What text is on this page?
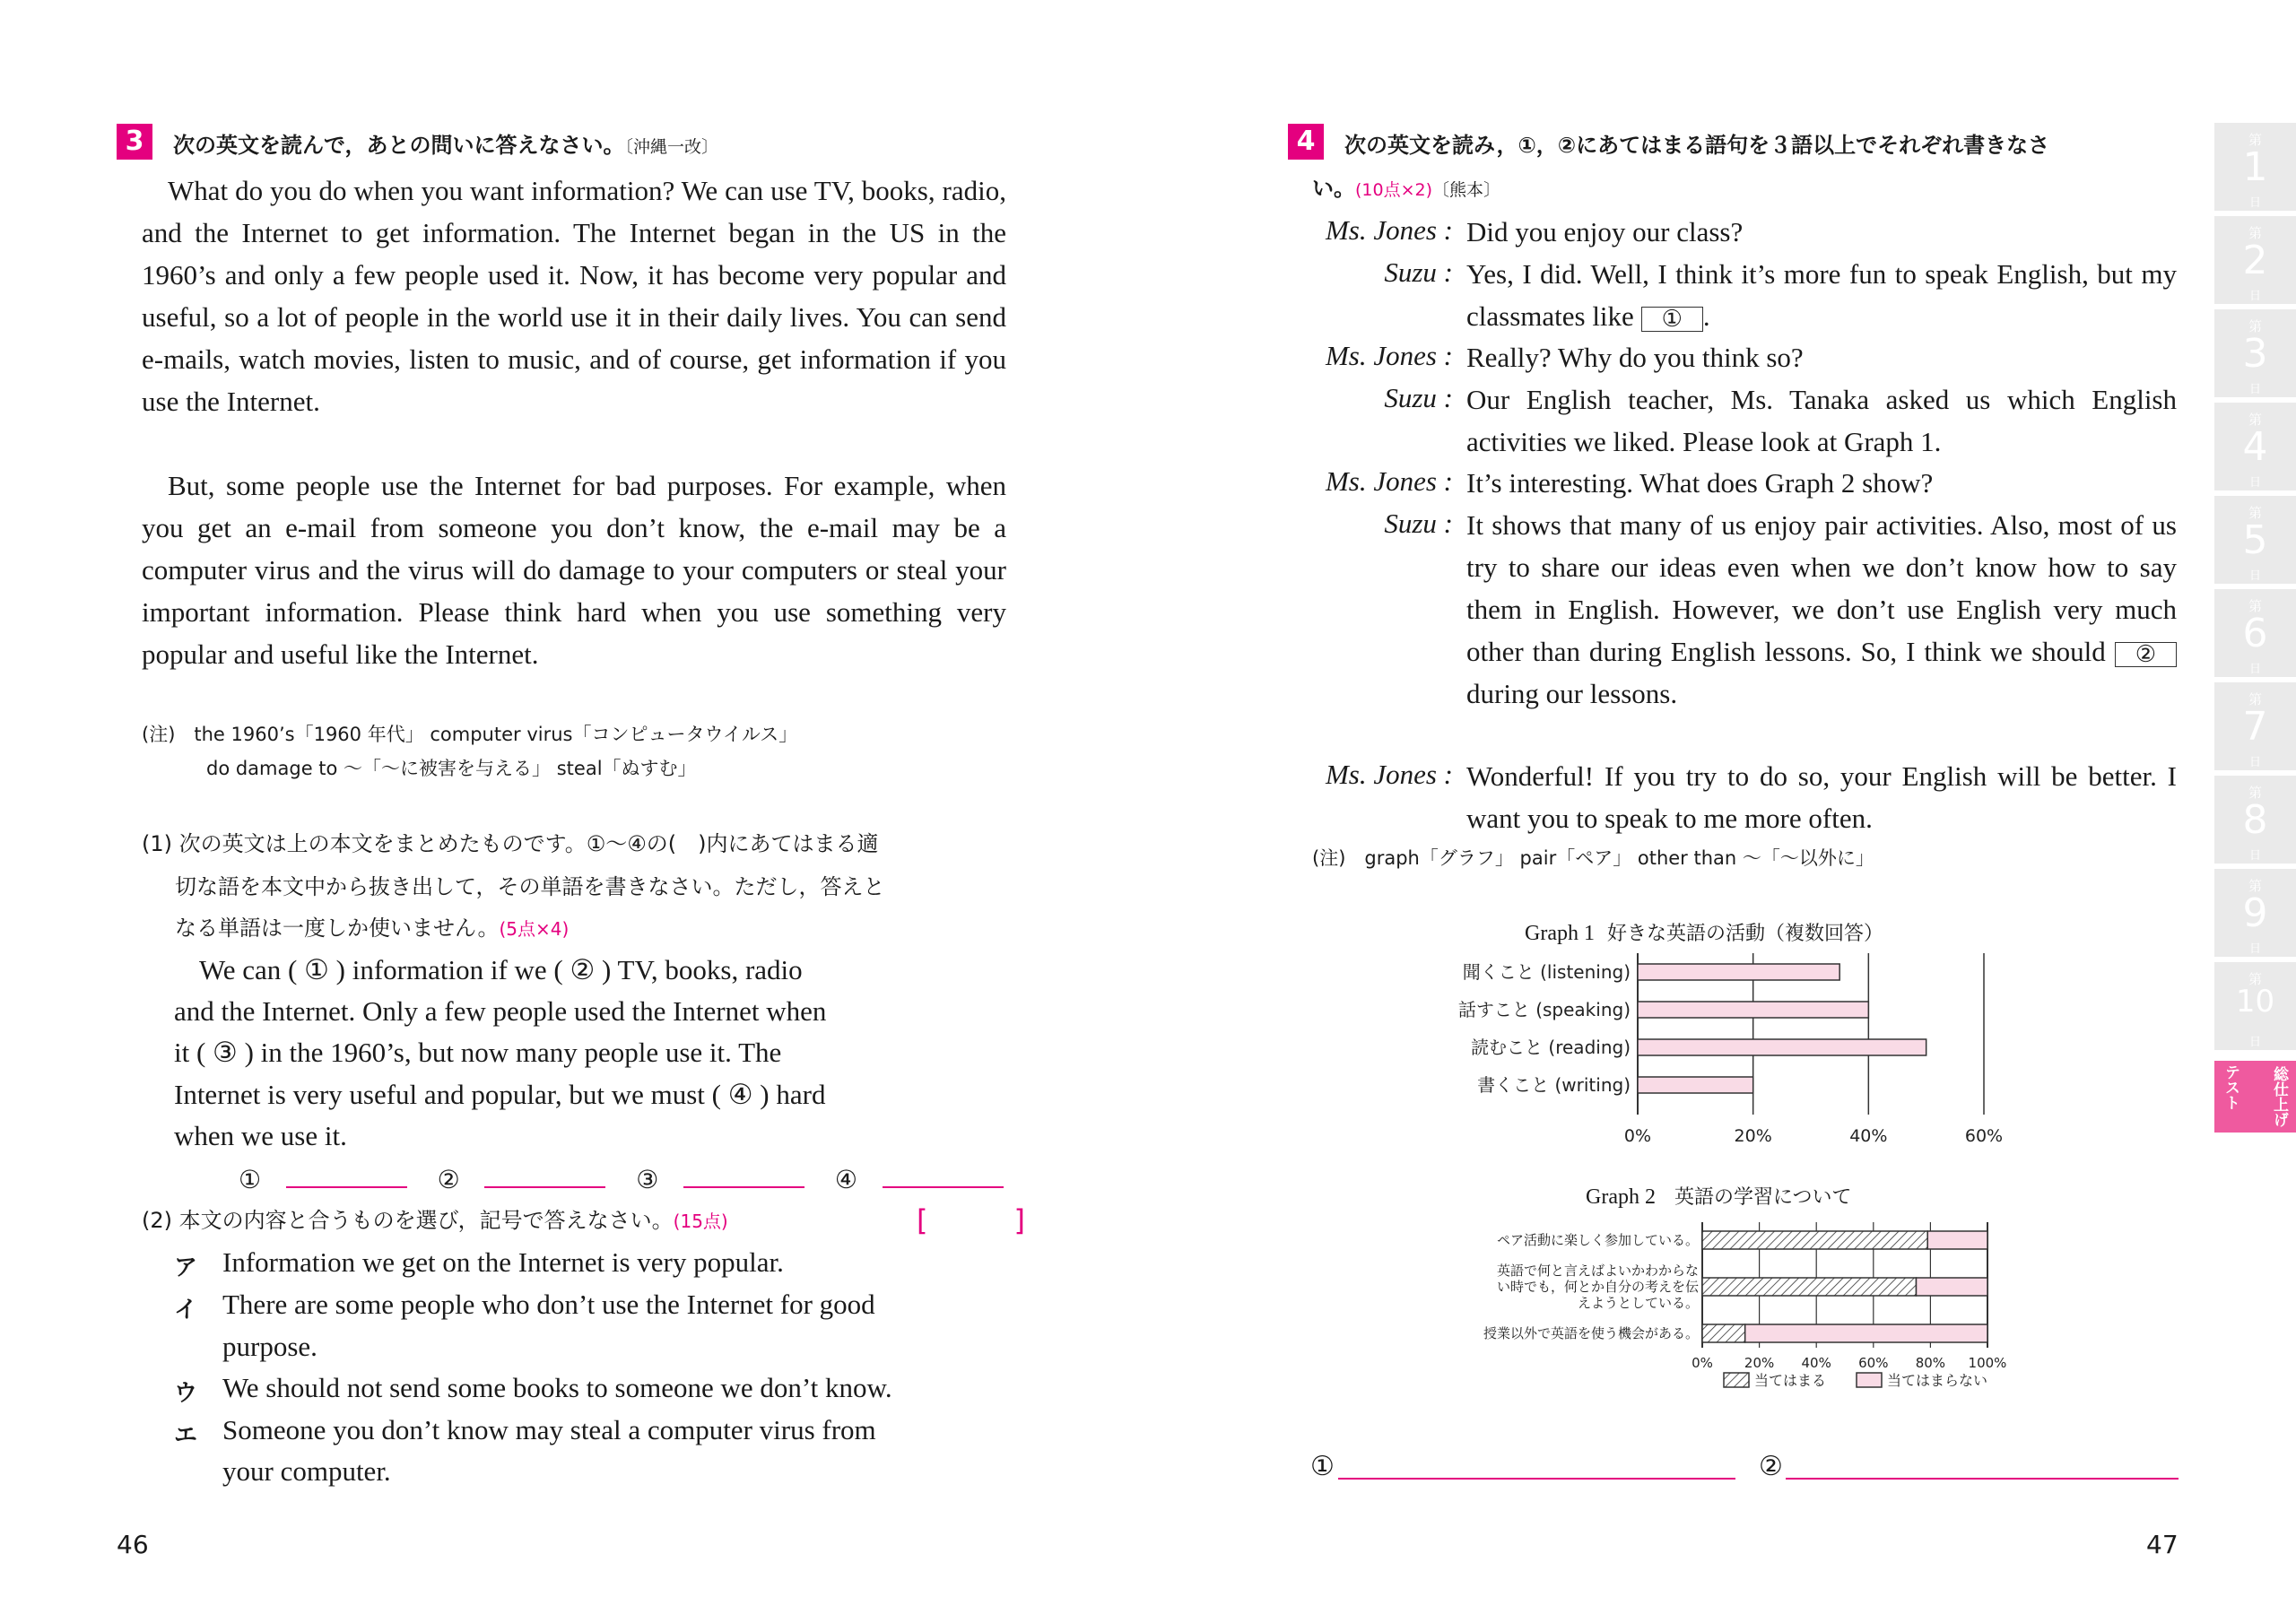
3	次の英文を読んで，あとの問いに答えなさい。〔沖縄一改〕
What do you do when you want information? We can use TV, books, radio, and the Internet to get information. The Internet began in the US in the 1960’s and only a few people used it. Now, it has become very popular and useful, so a lot of people in the world use it in their daily lives. You can send e-mails, watch movies, listen to music, and of course, get information if you use the Internet.
But, some people use the Internet for bad purposes. For example, when you get an e-mail from someone you don’t know, the e-mail may be a computer virus and the virus will do damage to your computers or steal your important information. Please think hard when you use something very popular and useful like the Internet.
(注)　the 1960’s「1960 年代」 computer virus「コンピュータウイルス」
do damage to 〜「〜に被害を与える」 steal「ぬすむ」
(1) 次の英文は上の本文をまとめたものです。①〜④の(　)内にあてはまる適
切な語を本文中から抜き出して，その単語を書きなさい。ただし，答えと
なる単語は一度しか使いません。(5点×4)
We can ( ① ) information if we ( ② ) TV, books, radio
and the Internet. Only a few people used the Internet when
it ( ③ ) in the 1960’s, but now many people use it. The
Internet is very useful and popular, but we must ( ④ ) hard
when we use it.
①	②	③	④
(2) 本文の内容と合うものを選び，記号で答えなさい。(15点)	[　　　]
ア Information we get on the Internet is very popular.
イ There are some people who don’t use the Internet for good
purpose.
ウ We should not send some books to someone we don’t know.
エ Someone you don’t know may steal a computer virus from
your computer.
46
4	次の英文を読み，①，②にあてはまる語句を３語以上でそれぞれ書きなさ
い。(10点×2)〔熊本〕
Ms. Jones : Did you enjoy our class?
Suzu : Yes, I did. Well, I think it’s more fun to speak English, but my classmates like ① .
Ms. Jones : Really? Why do you think so?
Suzu : Our English teacher, Ms. Tanaka asked us which English activities we liked. Please look at Graph 1.
Ms. Jones : It’s interesting. What does Graph 2 show?
Suzu : It shows that many of us enjoy pair activities. Also, most of us try to share our ideas even when we don’t know how to say them in English. However, we don’t use English very much other than during English lessons. So, I think we should ② during our lessons.
Ms. Jones : Wonderful! If you try to do so, your English will be better. I want you to speak to me more often.
(注)　graph「グラフ」 pair「ペア」 other than 〜「〜以外に」
Graph 1 好きな英語の活動（複数回答）
0%	20%	40%	60%
聞くこと (listening)
話すこと (speaking)
読むこと (reading)
書くこと (writing)
Graph 2 英語の学習について
0% 20% 40% 60% 80% 100%
ペア活動に楽しく参加している。
英語で何と言えばよいかわからな
い時でも，何とか自分の考えを伝
えようとしている。
授業以外で英語を使う機会がある。
当てはまる	当てはまらない
①	②
47
第
1
日
第
2
日
第
3
日
第
4
日
第
5
日
第
6
日
第
7
日
第
8
日
第
9
日
第
10
日
総仕上げ
テスト
